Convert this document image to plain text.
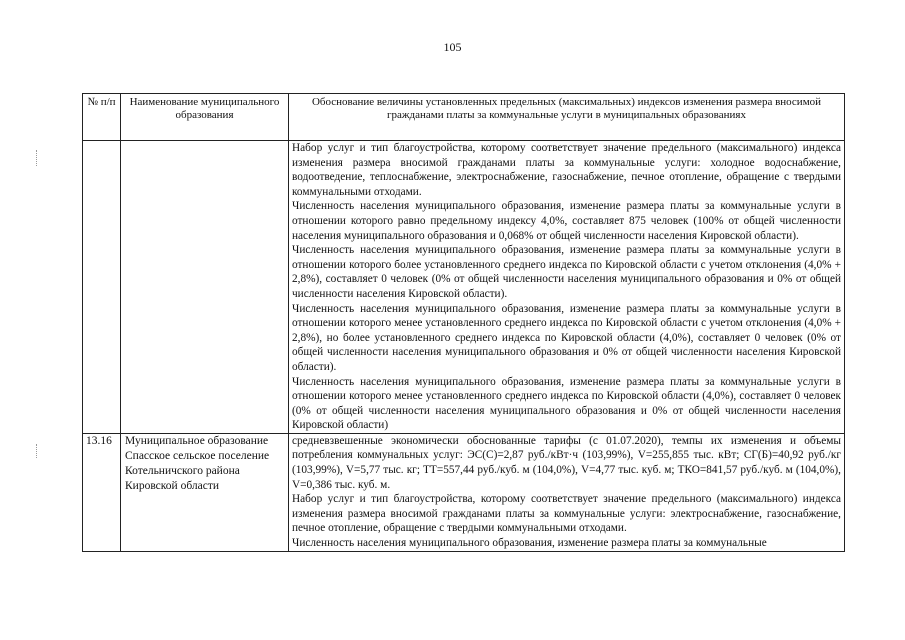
105
№ п/п	Наименование муниципального образования	Обоснование величины установленных предельных (максимальных) индексов изменения размера вносимой гражданами платы за коммунальные услуги в муниципальных образованиях

		Набор услуг и тип благоустройства, которому соответствует значение предельного (максимального) индекса изменения размера вносимой гражданами платы за коммунальные услуги: холодное водоснабжение, водоотведение, теплоснабжение, электроснабжение, газоснабжение, печное отопление, обращение с твердыми коммунальными отходами.

Численность населения муниципального образования, изменение размера платы за коммунальные услуги в отношении которого равно предельному индексу 4,0%, составляет 875 человек (100% от общей численности населения муниципального образования и 0,068% от общей численности населения Кировской области).

Численность населения муниципального образования, изменение размера платы за коммунальные услуги в отношении которого более установленного среднего индекса по Кировской области с учетом отклонения (4,0% + 2,8%), составляет 0 человек (0% от общей численности населения муниципального образования и 0% от общей численности населения Кировской области).

Численность населения муниципального образования, изменение размера платы за коммунальные услуги в отношении которого менее установленного среднего индекса по Кировской области с учетом отклонения (4,0% + 2,8%), но более установленного среднего индекса по Кировской области (4,0%), составляет 0 человек (0% от общей численности населения муниципального образования и 0% от общей численности населения Кировской области).

Численность населения муниципального образования, изменение размера платы за коммунальные услуги в отношении которого менее установленного среднего индекса по Кировской области (4,0%), составляет 0 человек (0% от общей численности населения муниципального образования и 0% от общей численности населения Кировской области)

13.16	Муниципальное образование Спасское сельское поселение Котельничского района Кировской области	средневзвешенные экономически обоснованные тарифы (с 01.07.2020), темпы их изменения и объемы потребления коммунальных услуг: ЭС(С)=2,87 руб./кВт·ч (103,99%), V=255,855 тыс. кВт; СГ(Б)=40,92 руб./кг (103,99%), V=5,77 тыс. кг; ТТ=557,44 руб./куб. м (104,0%), V=4,77 тыс. куб. м; ТКО=841,57 руб./куб. м (104,0%), V=0,386 тыс. куб. м.

Набор услуг и тип благоустройства, которому соответствует значение предельного (максимального) индекса изменения размера вносимой гражданами платы за коммунальные услуги: электроснабжение, газоснабжение, печное отопление, обращение с твердыми коммунальными отходами.

Численность населения муниципального образования, изменение размера платы за коммунальные
